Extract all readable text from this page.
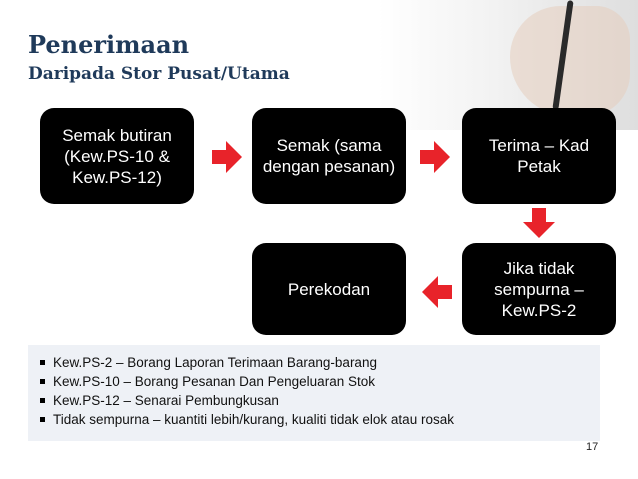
Penerimaan
Daripada Stor Pusat/Utama
Semak butiran (Kew.PS-10 & Kew.PS-12)
Semak (sama dengan pesanan)
Terima – Kad Petak
Jika tidak sempurna – Kew.PS-2
Perekodan
Kew.PS-2 – Borang Laporan Terimaan Barang-barang
Kew.PS-10 – Borang Pesanan Dan Pengeluaran Stok
Kew.PS-12 – Senarai Pembungkusan
Tidak sempurna – kuantiti lebih/kurang, kualiti tidak elok atau rosak
17
